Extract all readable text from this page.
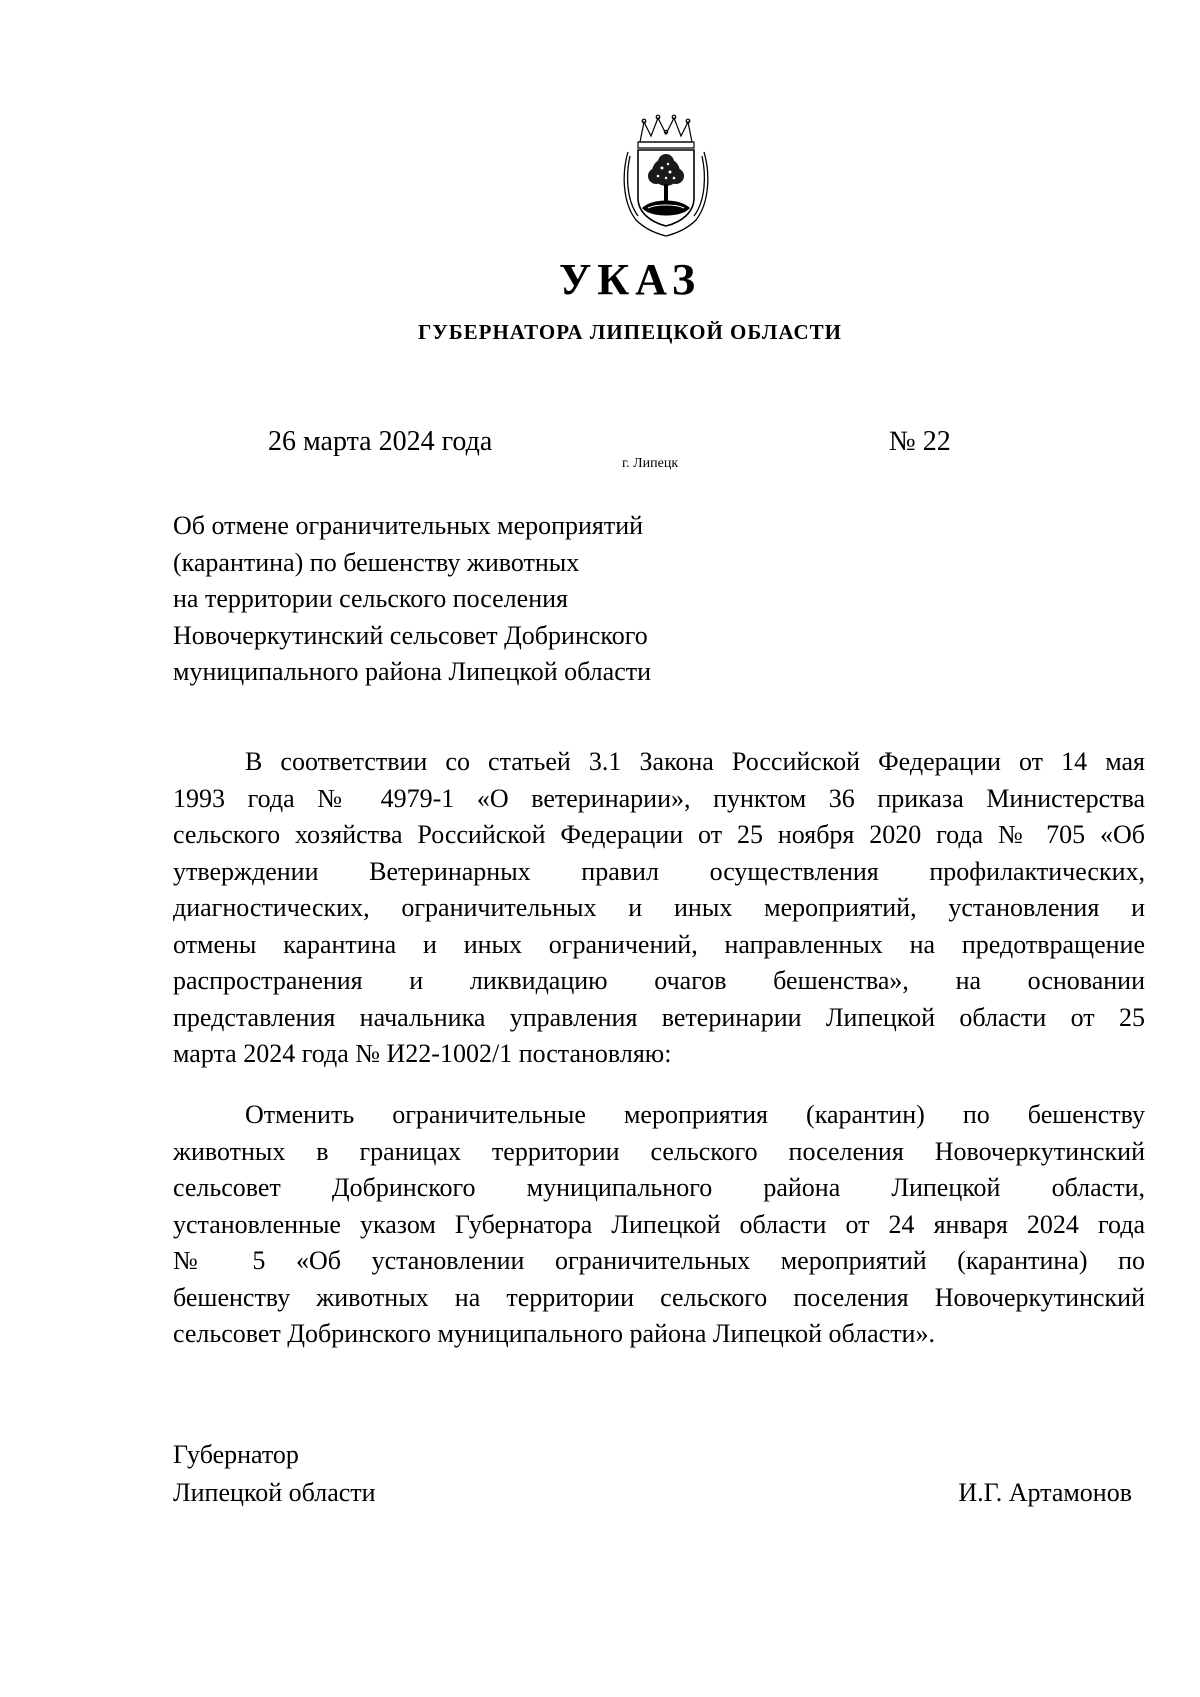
УКАЗ
ГУБЕРНАТОРА ЛИПЕЦКОЙ ОБЛАСТИ
26 марта 2024 года
г. Липецк
№ 22
Об отмене ограничительных мероприятий
(карантина) по бешенству животных
на территории сельского поселения
Новочеркутинский сельсовет Добринского
муниципального района Липецкой области
В соответствии со статьей 3.1 Закона Российской Федерации от 14 мая
1993 года № 4979-1 «О ветеринарии», пунктом 36 приказа Министерства
сельского хозяйства Российской Федерации от 25 ноября 2020 года № 705 «Об
утверждении Ветеринарных правил осуществления профилактических,
диагностических, ограничительных и иных мероприятий, установления и
отмены карантина и иных ограничений, направленных на предотвращение
распространения и ликвидацию очагов бешенства», на основании
представления начальника управления ветеринарии Липецкой области от 25
марта 2024 года № И22-1002/1 постановляю:
Отменить ограничительные мероприятия (карантин) по бешенству
животных в границах территории сельского поселения Новочеркутинский
сельсовет Добринского муниципального района Липецкой области,
установленные указом Губернатора Липецкой области от 24 января 2024 года
№ 5 «Об установлении ограничительных мероприятий (карантина) по
бешенству животных на территории сельского поселения Новочеркутинский
сельсовет Добринского муниципального района Липецкой области».
Губернатор
Липецкой области	И.Г. Артамонов
